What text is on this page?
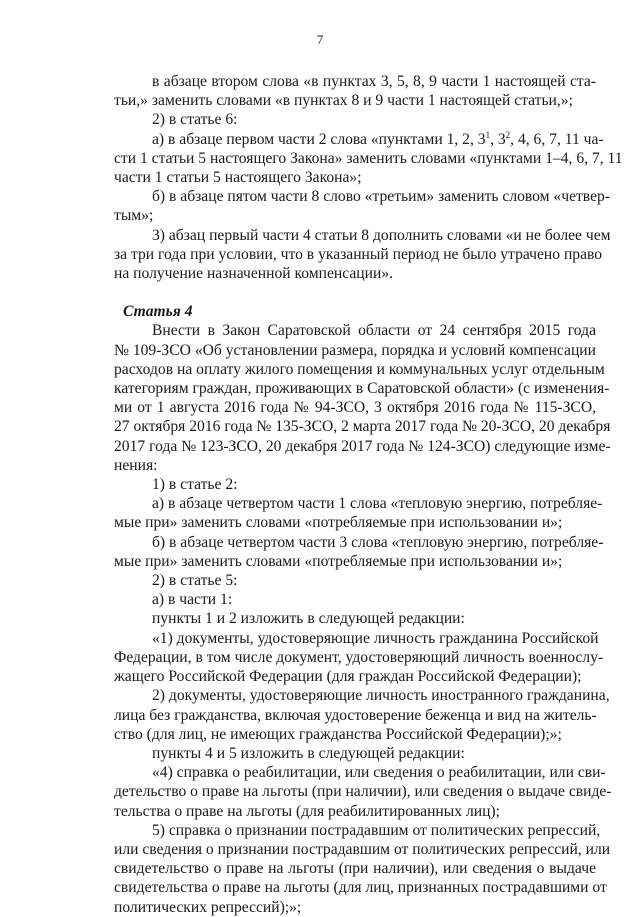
7
в абзаце втором слова «в пунктах 3, 5, 8, 9 части 1 настоящей ста-
тьи,» заменить словами «в пунктах 8 и 9 части 1 настоящей статьи,»;
2) в статье 6:
а) в абзаце первом части 2 слова «пунктами 1, 2, $3^1$, $3^2$, 4, 6, 7, 11 ча-
сти 1 статьи 5 настоящего Закона» заменить словами «пунктами 1–4, 6, 7, 11
части 1 статьи 5 настоящего Закона»;
б) в абзаце пятом части 8 слово «третьим» заменить словом «четвер-
тым»;
3) абзац первый части 4 статьи 8 дополнить словами «и не более чем
за три года при условии, что в указанный период не было утрачено право
на получение назначенной компенсации».
Статья 4
Внести в Закон Саратовской области от 24 сентября 2015 года
№ 109-ЗСО «Об установлении размера, порядка и условий компенсации
расходов на оплату жилого помещения и коммунальных услуг отдельным
категориям граждан, проживающих в Саратовской области» (с изменения-
ми от 1 августа 2016 года № 94-ЗСО, 3 октября 2016 года № 115-ЗСО,
27 октября 2016 года № 135-ЗСО, 2 марта 2017 года № 20-ЗСО, 20 декабря
2017 года № 123-ЗСО, 20 декабря 2017 года № 124-ЗСО) следующие изме-
нения:
1) в статье 2:
а) в абзаце четвертом части 1 слова «тепловую энергию, потребляе-
мые при» заменить словами «потребляемые при использовании и»;
б) в абзаце четвертом части 3 слова «тепловую энергию, потребляе-
мые при» заменить словами «потребляемые при использовании и»;
2) в статье 5:
а) в части 1:
пункты 1 и 2 изложить в следующей редакции:
«1) документы, удостоверяющие личность гражданина Российской
Федерации, в том числе документ, удостоверяющий личность военнослу-
жащего Российской Федерации (для граждан Российской Федерации);
2) документы, удостоверяющие личность иностранного гражданина,
лица без гражданства, включая удостоверение беженца и вид на житель-
ство (для лиц, не имеющих гражданства Российской Федерации);»;
пункты 4 и 5 изложить в следующей редакции:
«4) справка о реабилитации, или сведения о реабилитации, или сви-
детельство о праве на льготы (при наличии), или сведения о выдаче свиде-
тельства о праве на льготы (для реабилитированных лиц);
5) справка о признании пострадавшим от политических репрессий,
или сведения о признании пострадавшим от политических репрессий, или
свидетельство о праве на льготы (при наличии), или сведения о выдаче
свидетельства о праве на льготы (для лиц, признанных пострадавшими от
политических репрессий);»;
